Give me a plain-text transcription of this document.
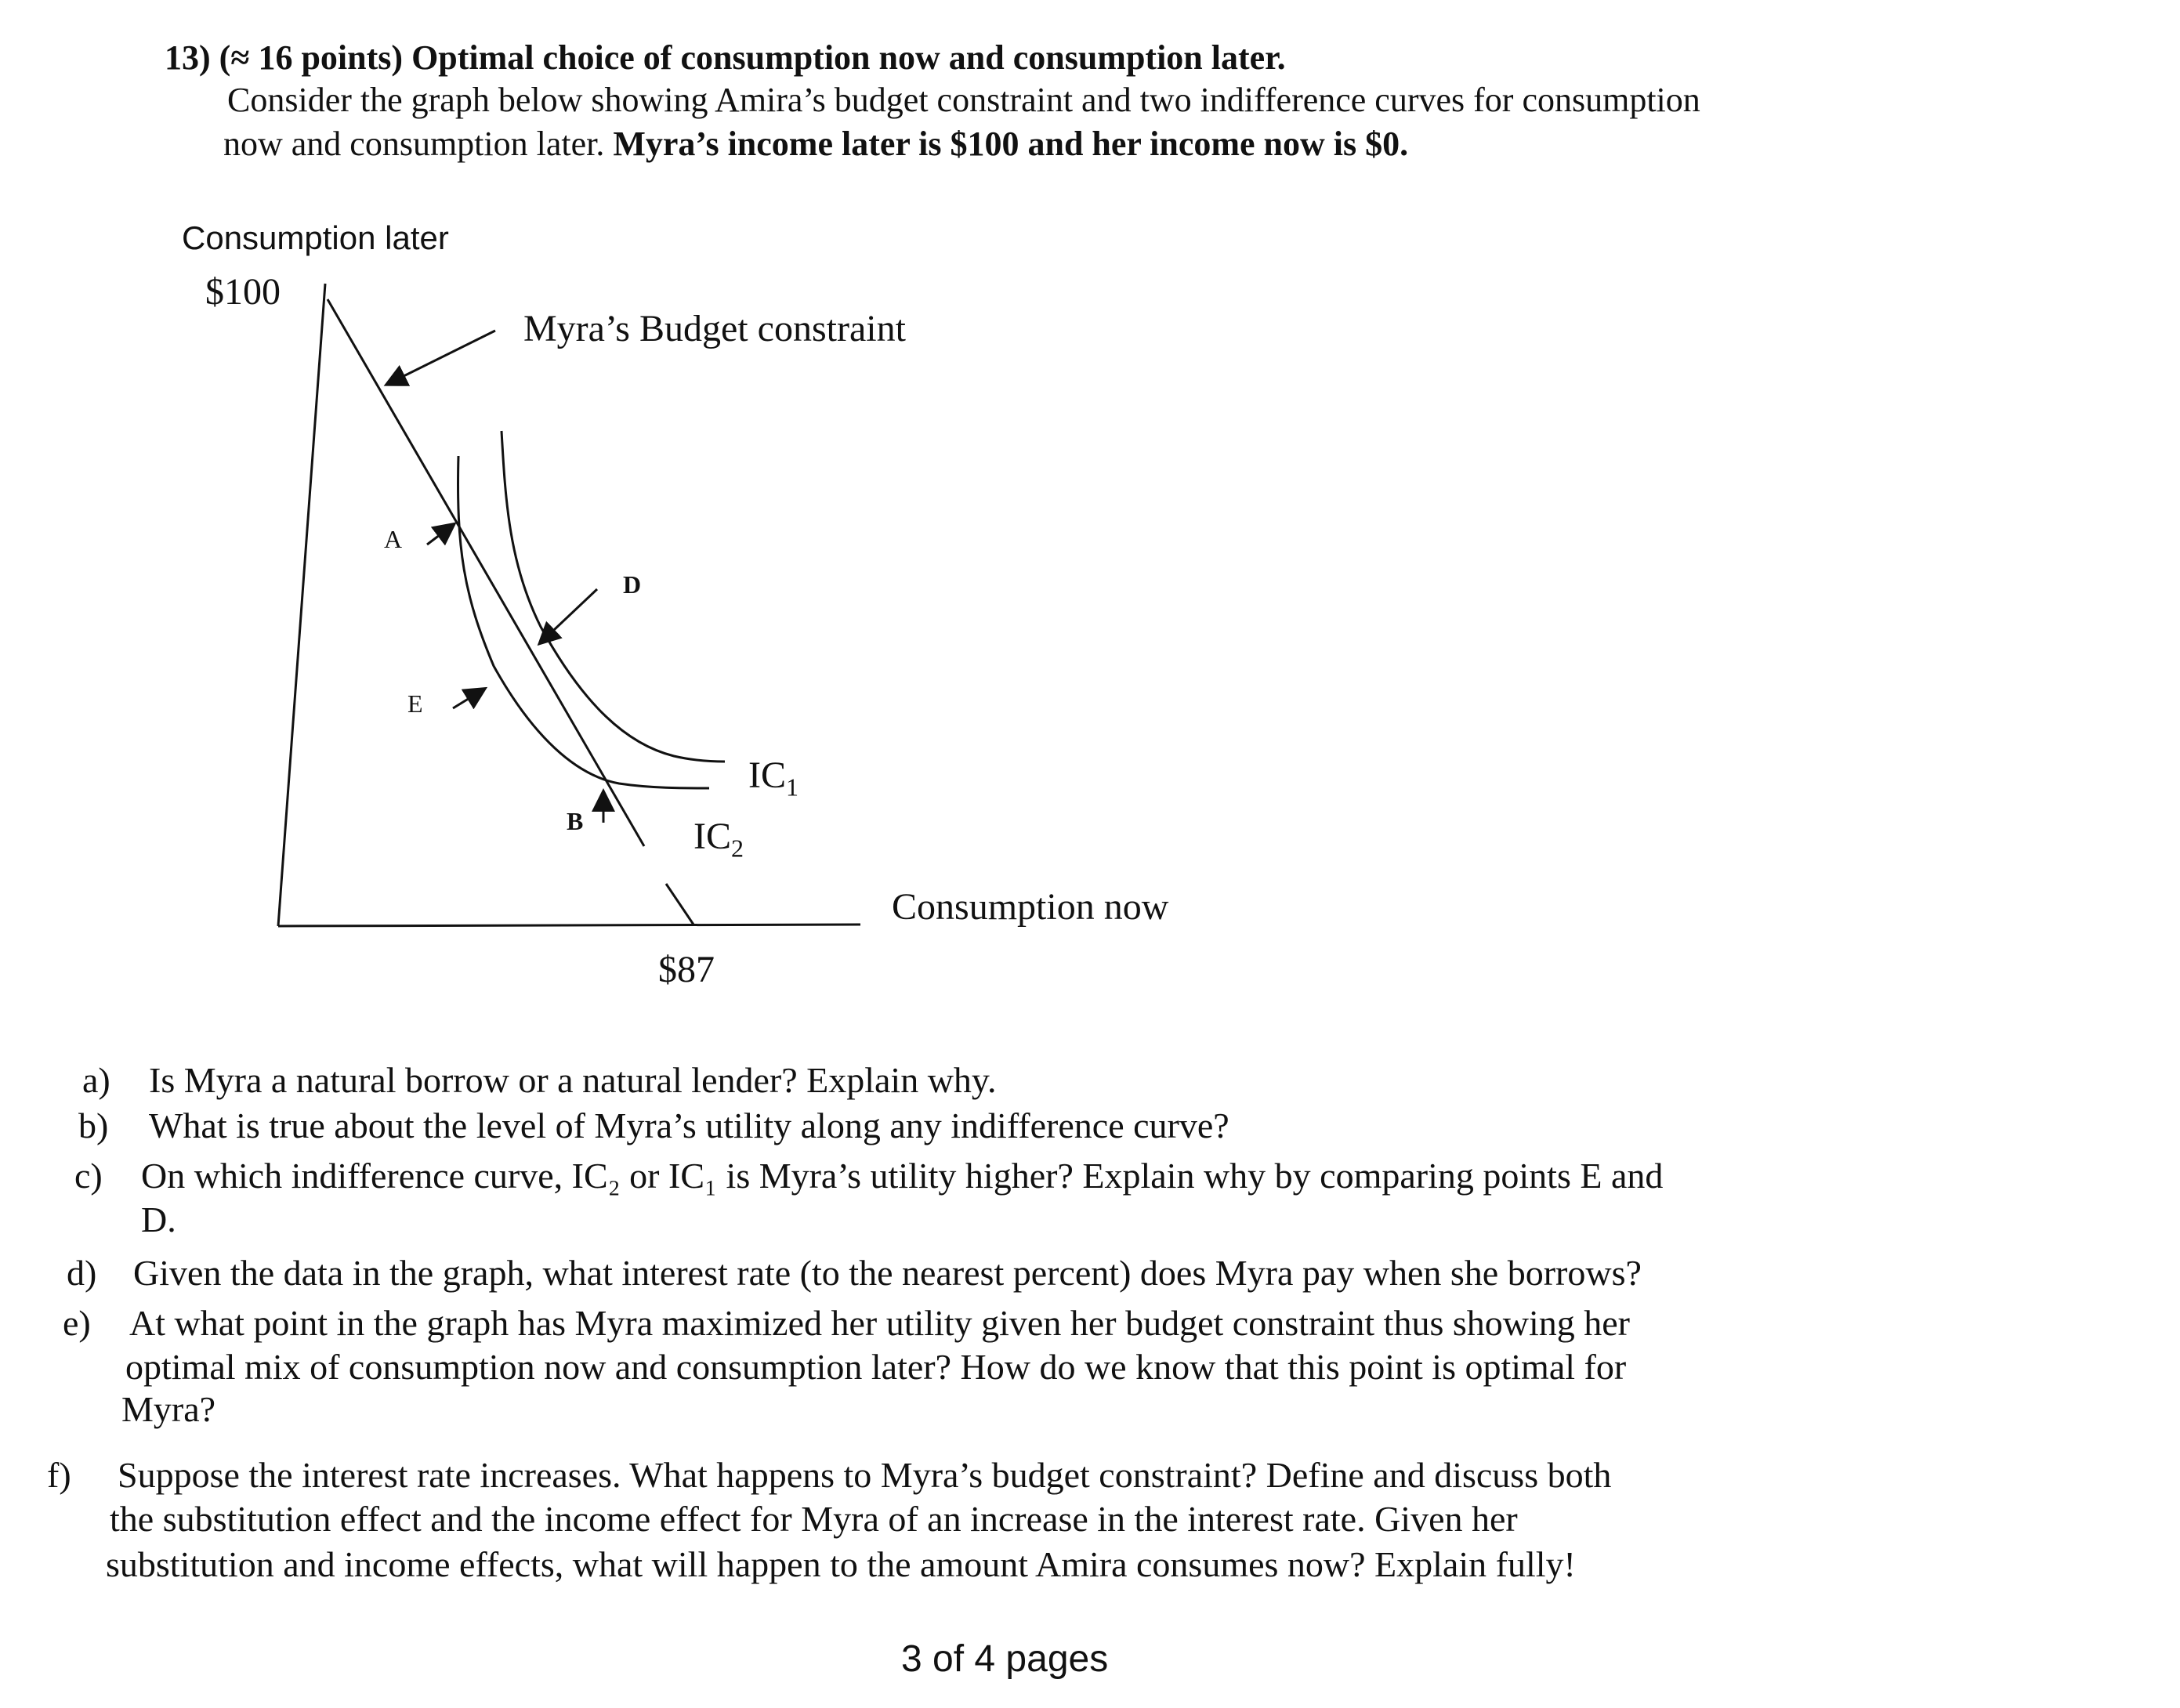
13) (≈ 16 points) Optimal choice of consumption now and consumption later.
Consider the graph below showing Amira’s budget constraint and two indifference curves for consumption
now and consumption later. Myra’s income later is $100 and her income now is $0.
Consumption later
$100
Myra’s Budget constraint
A
D
E
B
$IC_1$
$IC_2$
Consumption now
$87
a) Is Myra a natural borrow or a natural lender? Explain why.
b) What is true about the level of Myra’s utility along any indifference curve?
c) On which indifference curve, IC₂ or IC₁ is Myra’s utility higher? Explain why by comparing points E and
D.
d) Given the data in the graph, what interest rate (to the nearest percent) does Myra pay when she borrows?
e) At what point in the graph has Myra maximized her utility given her budget constraint thus showing her
optimal mix of consumption now and consumption later? How do we know that this point is optimal for
Myra?
f) Suppose the interest rate increases. What happens to Myra’s budget constraint? Define and discuss both
the substitution effect and the income effect for Myra of an increase in the interest rate. Given her
substitution and income effects, what will happen to the amount Amira consumes now? Explain fully!
3 of 4 pages
